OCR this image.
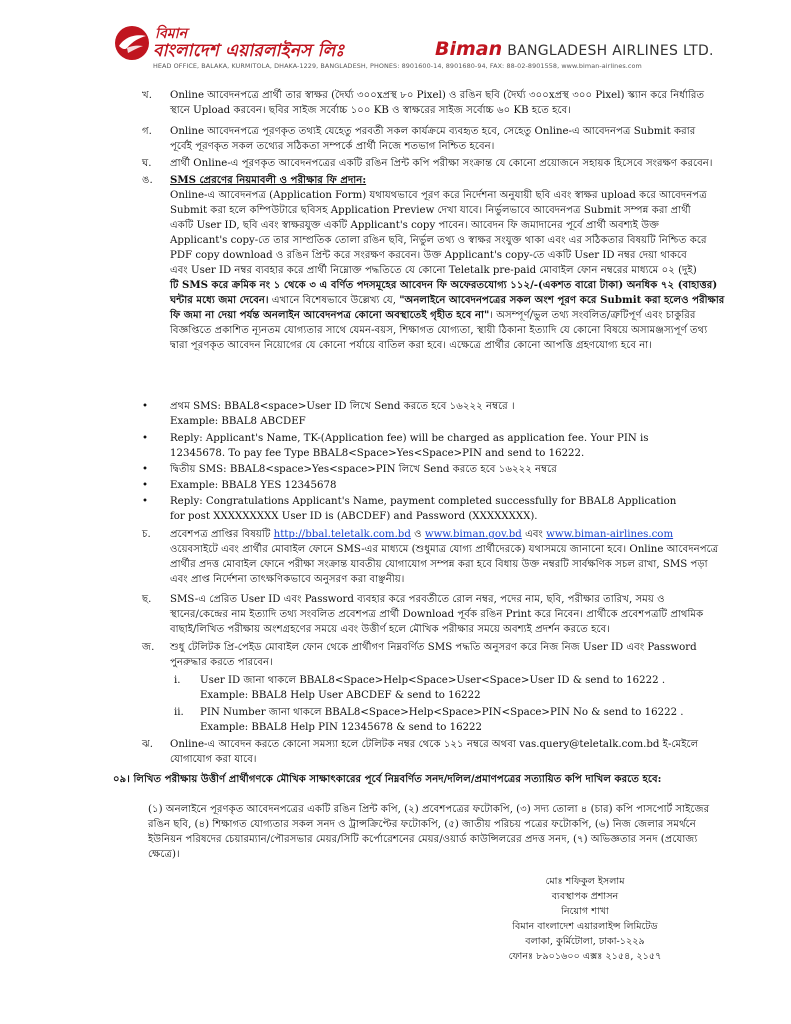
বিমান
বাংলাদেশ এয়ারলাইনস লিঃ	Biman BANGLADESH AIRLINES LTD.
HEAD OFFICE, BALAKA, KURMITOLA, DHAKA-1229, BANGLADESH, PHONES: 8901600-14, 8901680-94, FAX: 88-02-8901558, www.biman-airlines.com
খ. Online আবেদনপত্রে প্রার্থী তার স্বাক্ষর (দৈর্ঘ্য ৩০০xপ্রস্থ ৮০ Pixel) ও রঙিন ছবি (দৈর্ঘ্য ৩০০xপ্রস্থ ৩০০ Pixel) স্ক্যান করে নির্ধারিত
স্থানে Upload করবেন। ছবির সাইজ সর্বোচ্চ ১০০ KB ও স্বাক্ষরের সাইজ সর্বোচ্চ ৬০ KB হতে হবে।
গ. Online আবেদনপত্রে পূরণকৃত তথ্যই যেহেতু পরবর্তী সকল কার্যক্রমে ব্যবহৃত হবে, সেহেতু Online-এ আবেদনপত্র Submit করার
পূর্বেই পূরণকৃত সকল তথ্যের সঠিকতা সম্পর্কে প্রার্থী নিজে শতভাগ নিশ্চিত হবেন।
ঘ. প্রার্থী Online-এ পূরণকৃত আবেদনপত্রের একটি রঙিন প্রিন্ট কপি পরীক্ষা সংক্রান্ত যে কোনো প্রয়োজনে সহায়ক হিসেবে সংরক্ষণ করবেন।
ঙ. SMS প্রেরণের নিয়মাবলী ও পরীক্ষার ফি প্রদান:
Online-এ আবেদনপত্র (Application Form) যথাযথভাবে পূরণ করে নির্দেশনা অনুযায়ী ছবি এবং স্বাক্ষর upload করে আবেদনপত্র
Submit করা হলে কম্পিউটারে ছবিসহ Application Preview দেখা যাবে। নির্ভুলভাবে আবেদনপত্র Submit সম্পন্ন করা প্রার্থী
একটি User ID, ছবি এবং স্বাক্ষরযুক্ত একটি Applicant's copy পাবেন। আবেদন ফি জমাদানের পূর্বে প্রার্থী অবশ্যই উক্ত
Applicant's copy-তে তার সাম্প্রতিক তোলা রঙিন ছবি, নির্ভুল তথ্য ও স্বাক্ষর সংযুক্ত থাকা এবং এর সঠিকতার বিষয়টি নিশ্চিত করে
PDF copy download ও রঙিন প্রিন্ট করে সংরক্ষণ করবেন। উক্ত Applicant's copy-তে একটি User ID নম্বর দেয়া থাকবে
এবং User ID নম্বর ব্যবহার করে প্রার্থী নিম্নোক্ত পদ্ধতিতে যে কোনো Teletalk pre-paid মোবাইল ফোন নম্বরের মাধ্যমে ০২ (দুই)
টি SMS করে ক্রমিক নং ১ থেকে ৩ এ বর্ণিত পদসমূহের আবেদন ফি অফেরতযোগ্য ১১২/-(একশত বারো টাকা) অনধিক ৭২ (বাহাত্তর)
ঘন্টার মধ্যে জমা দেবেন। এখানে বিশেষভাবে উল্লেখ্য যে, "অনলাইনে আবেদনপত্রের সকল অংশ পূরণ করে Submit করা হলেও পরীক্ষার
ফি জমা না দেয়া পর্যন্ত অনলাইন আবেদনপত্র কোনো অবস্থাতেই গৃহীত হবে না"। অসম্পূর্ণ/ভুল তথ্য সংবলিত/ত্রুটিপূর্ণ এবং চাকুরির
বিজ্ঞপ্তিতে প্রকাশিত ন্যূনতম যোগ্যতার সাথে যেমন-বয়স, শিক্ষাগত যোগ্যতা, স্থায়ী ঠিকানা ইত্যাদি যে কোনো বিষয়ে অসামঞ্জস্যপূর্ণ তথ্য
দ্বারা পূরণকৃত আবেদন নিয়োগের যে কোনো পর্যায়ে বাতিল করা হবে। এক্ষেত্রে প্রার্থীর কোনো আপত্তি গ্রহণযোগ্য হবে না।
• প্রথম SMS: BBAL8<space>User ID লিখে Send করতে হবে ১৬২২২ নম্বরে ।
Example: BBAL8 ABCDEF
• Reply: Applicant's Name, TK-(Application fee) will be charged as application fee. Your PIN is
12345678. To pay fee Type BBAL8<Space>Yes<Space>PIN and send to 16222.
• দ্বিতীয় SMS: BBAL8<space>Yes<space>PIN লিখে Send করতে হবে ১৬২২২ নম্বরে
• Example: BBAL8 YES 12345678
• Reply: Congratulations Applicant's Name, payment completed successfully for BBAL8 Application
for post XXXXXXXXX User ID is (ABCDEF) and Password (XXXXXXXX).
চ. প্রবেশপত্র প্রাপ্তির বিষয়টি http://bbal.teletalk.com.bd ও www.biman.gov.bd এবং www.biman-airlines.com
ওয়েবসাইটে এবং প্রার্থীর মোবাইল ফোনে SMS-এর মাধ্যমে (শুধুমাত্র যোগ্য প্রার্থীদেরকে) যথাসময়ে জানানো হবে। Online আবেদনপত্রে
প্রার্থীর প্রদত্ত মোবাইল ফোনে পরীক্ষা সংক্রান্ত যাবতীয় যোগাযোগ সম্পন্ন করা হবে বিধায় উক্ত নম্বরটি সার্বক্ষণিক সচল রাখা, SMS পড়া
এবং প্রাপ্ত নির্দেশনা তাৎক্ষণিকভাবে অনুসরণ করা বাঞ্ছনীয়।
ছ. SMS-এ প্রেরিত User ID এবং Password ব্যবহার করে পরবর্তীতে রোল নম্বর, পদের নাম, ছবি, পরীক্ষার তারিখ, সময় ও
স্থানের/কেন্দ্রের নাম ইত্যাদি তথ্য সংবলিত প্রবেশপত্র প্রার্থী Download পূর্বক রঙিন Print করে নিবেন। প্রার্থীকে প্রবেশপত্রটি প্রাথমিক
বাছাই/লিখিত পরীক্ষায় অংশগ্রহণের সময়ে এবং উত্তীর্ণ হলে মৌখিক পরীক্ষার সময়ে অবশ্যই প্রদর্শন করতে হবে।
জ. শুধু টেলিটক প্রি-পেইড মোবাইল ফোন থেকে প্রার্থীগণ নিম্নবর্ণিত SMS পদ্ধতি অনুসরণ করে নিজ নিজ User ID এবং Password
পুনরুদ্ধার করতে পারবেন।
i. User ID জানা থাকলে BBAL8<Space>Help<Space>User<Space>User ID & send to 16222 .
Example: BBAL8 Help User ABCDEF & send to 16222
ii. PIN Number জানা থাকলে BBAL8<Space>Help<Space>PIN<Space>PIN No & send to 16222 .
Example: BBAL8 Help PIN 12345678 & send to 16222
ঝ. Online-এ আবেদন করতে কোনো সমস্যা হলে টেলিটক নম্বর থেকে ১২১ নম্বরে অথবা vas.query@teletalk.com.bd ই-মেইলে
যোগাযোগ করা যাবে।
০৯। লিখিত পরীক্ষায় উত্তীর্ণ প্রার্থীগণকে মৌখিক সাক্ষাৎকারের পূর্বে নিম্নবর্ণিত সনদ/দলিল/প্রমাণপত্রের সত্যায়িত কপি দাখিল করতে হবে:
(১) অনলাইনে পূরণকৃত আবেদনপত্রের একটি রঙিন প্রিন্ট কপি, (২) প্রবেশপত্রের ফটোকপি, (৩) সদ্য তোলা ৪ (চার) কপি পাসপোর্ট সাইজের
রঙিন ছবি, (৪) শিক্ষাগত যোগ্যতার সকল সনদ ও ট্রান্সক্রিপ্টের ফটোকপি, (৫) জাতীয় পরিচয় পত্রের ফটোকপি, (৬) নিজ জেলার সমর্থনে
ইউনিয়ন পরিষদের চেয়ারম্যান/পৌরসভার মেয়র/সিটি কর্পোরেশনের মেয়র/ওয়ার্ড কাউন্সিলরের প্রদত্ত সনদ, (৭) অভিজ্ঞতার সনদ (প্রযোজ্য
ক্ষেত্রে)।
মোঃ শফিকুল ইসলাম
ব্যবস্থাপক প্রশাসন
নিয়োগ শাখা
বিমান বাংলাদেশ এয়ারলাইন্স লিমিটেড
বলাকা, কুর্মিটোলা, ঢাকা-১২২৯
ফোনঃ ৮৯০১৬০০ এক্সঃ ২১৫৪, ২১৫৭
